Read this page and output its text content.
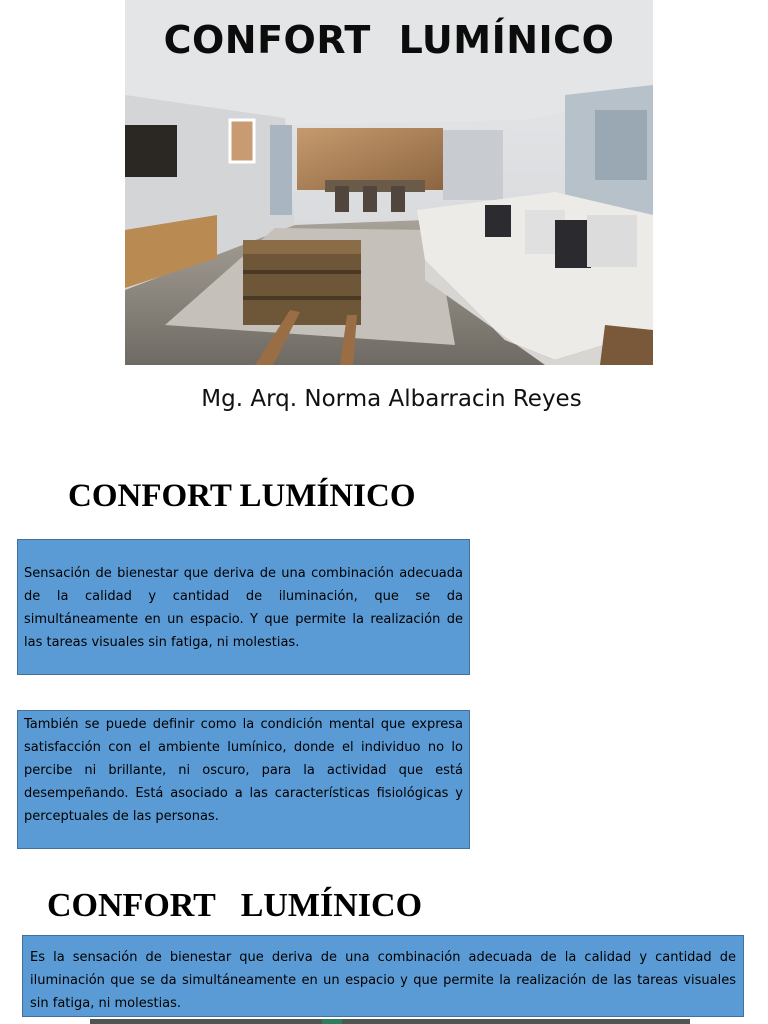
CONFORT LUMÍNICO

Mg. Arq. Norma Albarracin Reyes

CONFORT LUMÍNICO

Sensación de bienestar que deriva de una combinación adecuada de la calidad y cantidad de iluminación, que se da simultáneamente en un espacio. Y que permite la realización de las tareas visuales sin fatiga, ni molestias.

También se puede definir como la condición mental que expresa satisfacción con el ambiente lumínico, donde el individuo no lo percibe ni brillante, ni oscuro, para la actividad que está desempeñando. Está asociado a las características fisiológicas y perceptuales de las personas.

CONFORT   LUMÍNICO

Es la sensación de bienestar que deriva de una combinación adecuada de la calidad y cantidad de iluminación que se da simultáneamente en un espacio y que permite la realización de las tareas visuales sin fatiga, ni molestias.
